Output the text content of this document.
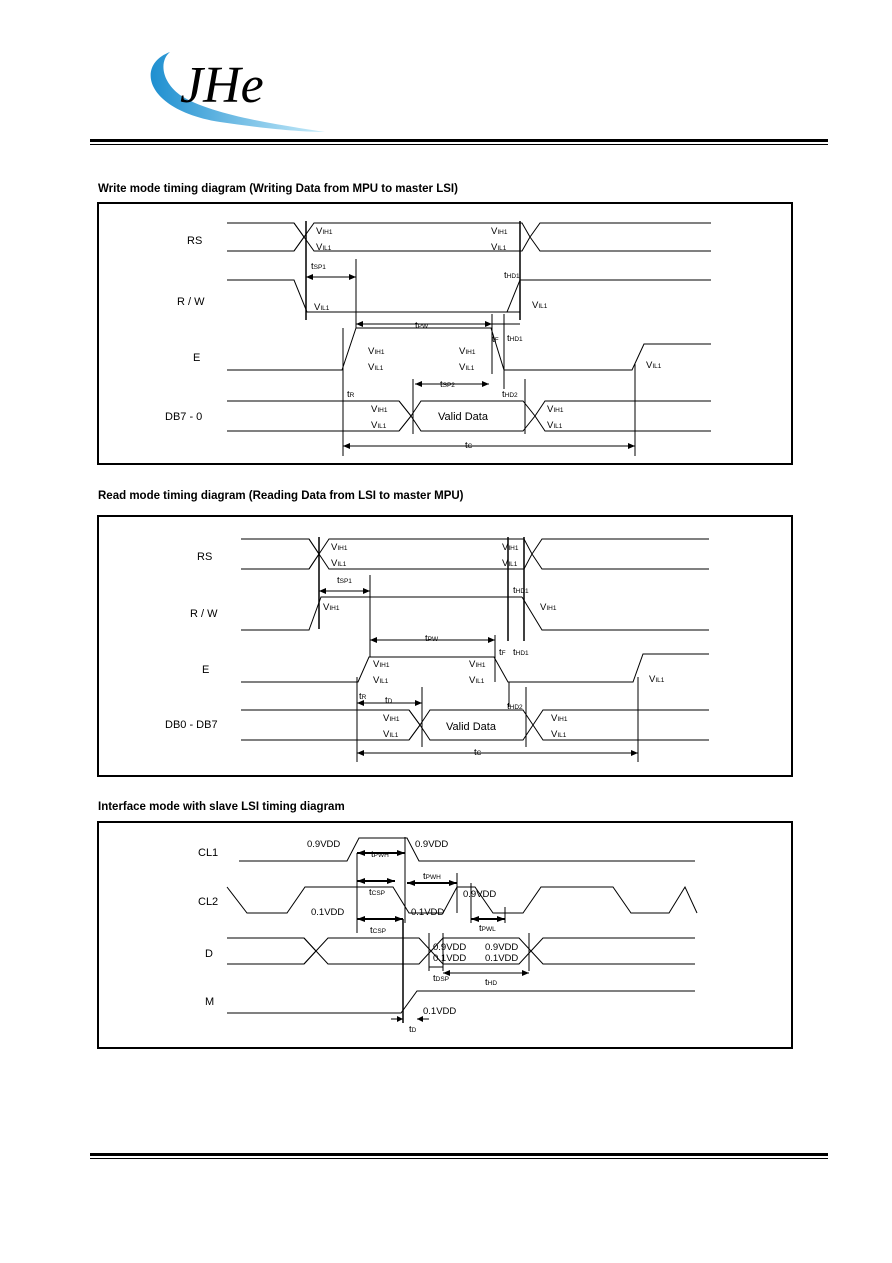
JHe
Write mode timing diagram (Writing Data from MPU to master LSI)
RS
R / W
E
DB7 - 0
VIH1
VIL1
VIH1
VIL1
tSP1
tHD1
VIL1	VIL1
tPW
tF tHD1
VIH1
VIL1
VIH1
VIL1	VIL1
tR
tSP2
tHD2
VIH1
VIL1
VIH1
VIL1
tC
Valid Data
Read mode timing diagram (Reading Data from LSI to master MPU)
RS
R / W
E
DB0 - DB7
VIH1
VIL1
VIH1
VIL1
tSP1
tHD1
VIH1	VIH1
tPW
tF tHD1
VIH1
VIL1
VIH1
VIL1	VIL1
tR tD	tHD2
VIH1
VIL1
VIH1
VIL1
tC
Valid Data
Interface mode with slave LSI timing diagram
CL1
CL2
D
M
0.9VDD	0.9VDD
tPWH
tCSP
tPWH
0.9VDD
0.1VDD	0.1VDD
tCSP	tPWL
0.9VDD
0.1VDD
0.9VDD
0.1VDD
tDSP	tHD
0.1VDD
tD
